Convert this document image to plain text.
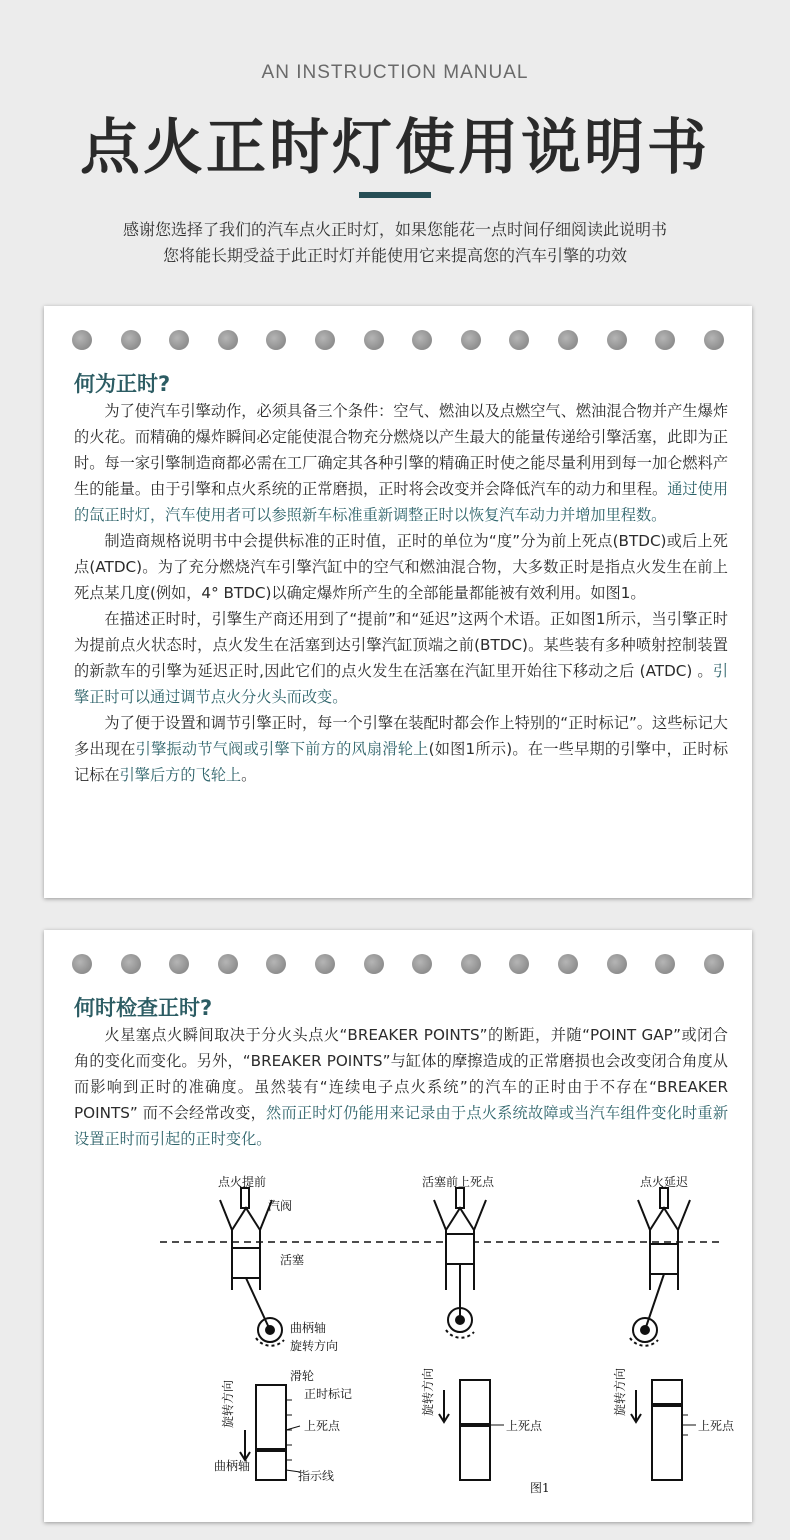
AN INSTRUCTION MANUAL
点火正时灯使用说明书
感谢您选择了我们的汽车点火正时灯，如果您能花一点时间仔细阅读此说明书
您将能长期受益于此正时灯并能使用它来提高您的汽车引擎的功效
何为正时?

为了使汽车引擎动作，必须具备三个条件：空气、燃油以及点燃空气、燃油混合物并产生爆炸的火花。而精确的爆炸瞬间必定能使混合物充分燃烧以产生最大的能量传递给引擎活塞，此即为正时。每一家引擎制造商都必需在工厂确定其各种引擎的精确正时使之能尽量利用到每一加仑燃料产生的能量。由于引擎和点火系统的正常磨损，正时将会改变并会降低汽车的动力和里程。通过使用的氙正时灯，汽车使用者可以参照新车标准重新调整正时以恢复汽车动力并增加里程数。

制造商规格说明书中会提供标准的正时值，正时的单位为“度”分为前上死点(BTDC)或后上死点(ATDC)。为了充分燃烧汽车引擎汽缸中的空气和燃油混合物，大多数正时是指点火发生在前上死点某几度(例如，4° BTDC)以确定爆炸所产生的全部能量都能被有效利用。如图1。

在描述正时时，引擎生产商还用到了“提前”和“延迟”这两个术语。正如图1所示，当引擎正时为提前点火状态时，点火发生在活塞到达引擎汽缸顶端之前(BTDC)。某些装有多种喷射控制装置的新款车的引擎为延迟正时,因此它们的点火发生在活塞在汽缸里开始往下移动之后 (ATDC) 。引擎正时可以通过调节点火分火头而改变。

为了便于设置和调节引擎正时，每一个引擎在装配时都会作上特别的“正时标记”。这些标记大多出现在引擎振动节气阀或引擎下前方的风扇滑轮上(如图1所示)。在一些早期的引擎中，正时标记标在引擎后方的飞轮上。

何时检查正时?

火星塞点火瞬间取决于分火头点火“BREAKER POINTS”的断距，并随“POINT GAP”或闭合角的变化而变化。另外，“BREAKER POINTS”与缸体的摩擦造成的正常磨损也会改变闭合角度从而影响到正时的准确度。虽然装有“连续电子点火系统”的汽车的正时由于不存在“BREAKER POINTS” 而不会经常改变，然而正时灯仍能用来记录由于点火系统故障或当汽车组件变化时重新设置正时而引起的正时变化。

点火提前	活塞前上死点	点火延迟
汽阀
活塞
曲柄轴
旋转方向
滑轮
正时标记
上死点
曲柄轴
指示线
上死点	上死点
旋转方向	旋转方向	旋转方向
图1
